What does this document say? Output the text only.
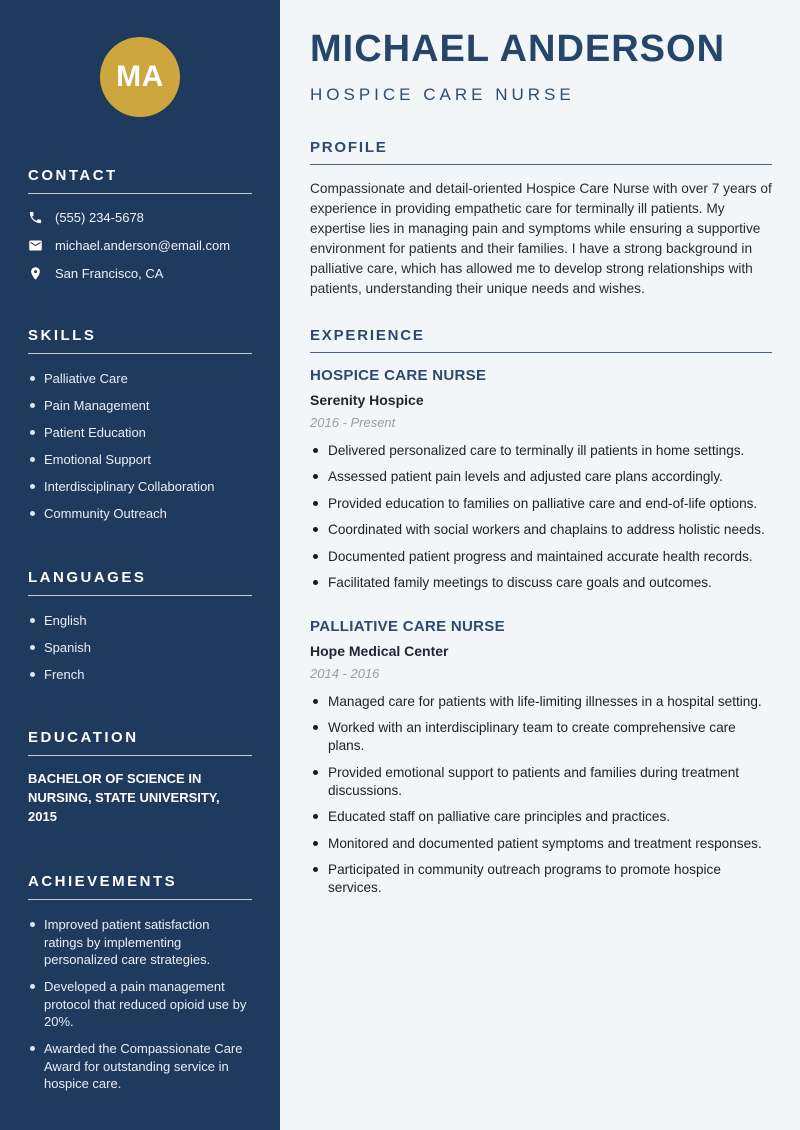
MA
CONTACT
(555) 234-5678
michael.anderson@email.com
San Francisco, CA
SKILLS
Palliative Care
Pain Management
Patient Education
Emotional Support
Interdisciplinary Collaboration
Community Outreach
LANGUAGES
English
Spanish
French
EDUCATION
BACHELOR OF SCIENCE IN NURSING, STATE UNIVERSITY, 2015
ACHIEVEMENTS
Improved patient satisfaction ratings by implementing personalized care strategies.
Developed a pain management protocol that reduced opioid use by 20%.
Awarded the Compassionate Care Award for outstanding service in hospice care.
MICHAEL ANDERSON
HOSPICE CARE NURSE
PROFILE

Compassionate and detail-oriented Hospice Care Nurse with over 7 years of experience in providing empathetic care for terminally ill patients. My expertise lies in managing pain and symptoms while ensuring a supportive environment for patients and their families. I have a strong background in palliative care, which has allowed me to develop strong relationships with patients, understanding their unique needs and wishes.

EXPERIENCE
HOSPICE CARE NURSE
Serenity Hospice
2016 - Present
Delivered personalized care to terminally ill patients in home settings.
Assessed patient pain levels and adjusted care plans accordingly.
Provided education to families on palliative care and end-of-life options.
Coordinated with social workers and chaplains to address holistic needs.
Documented patient progress and maintained accurate health records.
Facilitated family meetings to discuss care goals and outcomes.
PALLIATIVE CARE NURSE
Hope Medical Center
2014 - 2016
Managed care for patients with life-limiting illnesses in a hospital setting.
Worked with an interdisciplinary team to create comprehensive care plans.
Provided emotional support to patients and families during treatment discussions.
Educated staff on palliative care principles and practices.
Monitored and documented patient symptoms and treatment responses.
Participated in community outreach programs to promote hospice services.
